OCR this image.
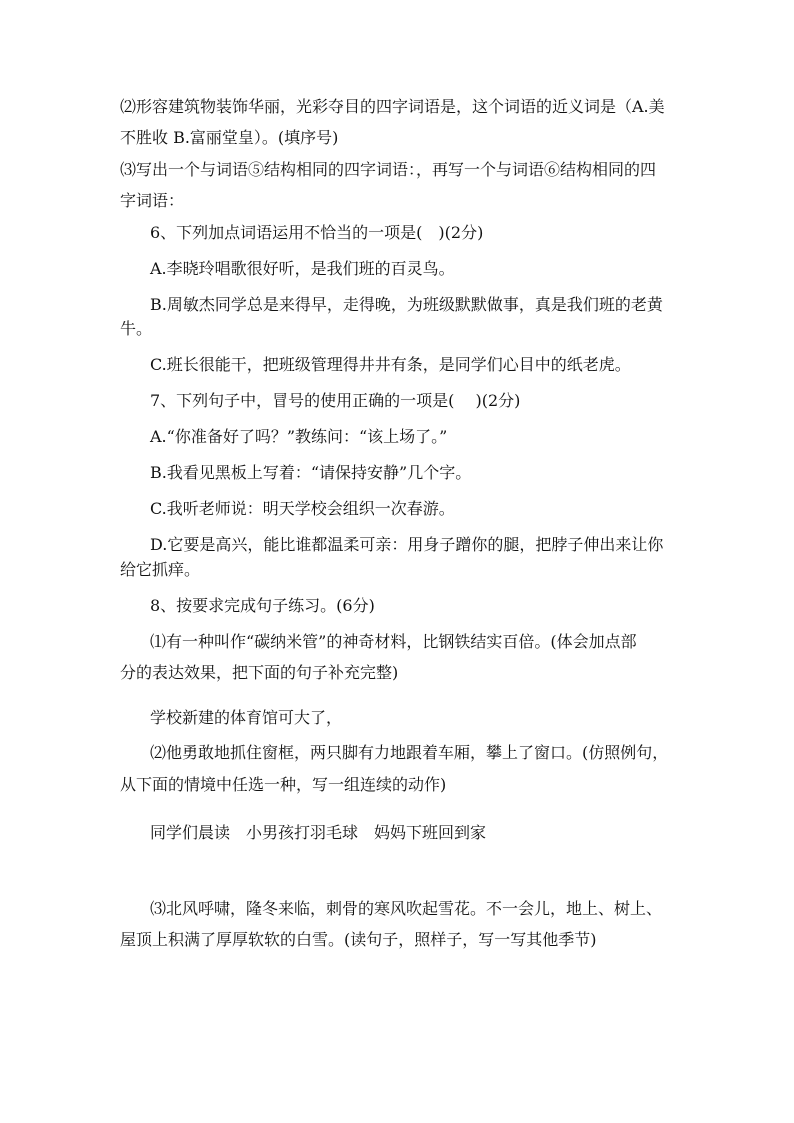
⑵形容建筑物装饰华丽，光彩夺目的四字词语是，这个词语的近义词是（A.美
不胜收 B.富丽堂皇）。(填序号)
⑶写出一个与词语⑤结构相同的四字词语：，再写一个与词语⑥结构相同的四
字词语：
6、下列加点词语运用不恰当的一项是(　)(2分)
A.李晓玲唱歌很好听，是我们班的百灵鸟。
B.周敏杰同学总是来得早，走得晚，为班级默默做事，真是我们班的老黄
牛。
C.班长很能干，把班级管理得井井有条，是同学们心目中的纸老虎。
7、下列句子中，冒号的使用正确的一项是(　 )(2分)
A.“你准备好了吗？”教练问：“该上场了。”
B.我看见黑板上写着：“请保持安静”几个字。
C.我听老师说：明天学校会组织一次春游。
D.它要是高兴，能比谁都温柔可亲：用身子蹭你的腿，把脖子伸出来让你
给它抓痒。
8、按要求完成句子练习。(6分)
⑴有一种叫作“碳纳米管”的神奇材料，比钢铁结实百倍。(体会加点部
分的表达效果，把下面的句子补充完整)
学校新建的体育馆可大了，
⑵他勇敢地抓住窗框，两只脚有力地跟着车厢，攀上了窗口。(仿照例句，
从下面的情境中任选一种，写一组连续的动作)
同学们晨读　小男孩打羽毛球　妈妈下班回到家
⑶北风呼啸，隆冬来临，刺骨的寒风吹起雪花。不一会儿，地上、树上、
屋顶上积满了厚厚软软的白雪。(读句子，照样子，写一写其他季节)
